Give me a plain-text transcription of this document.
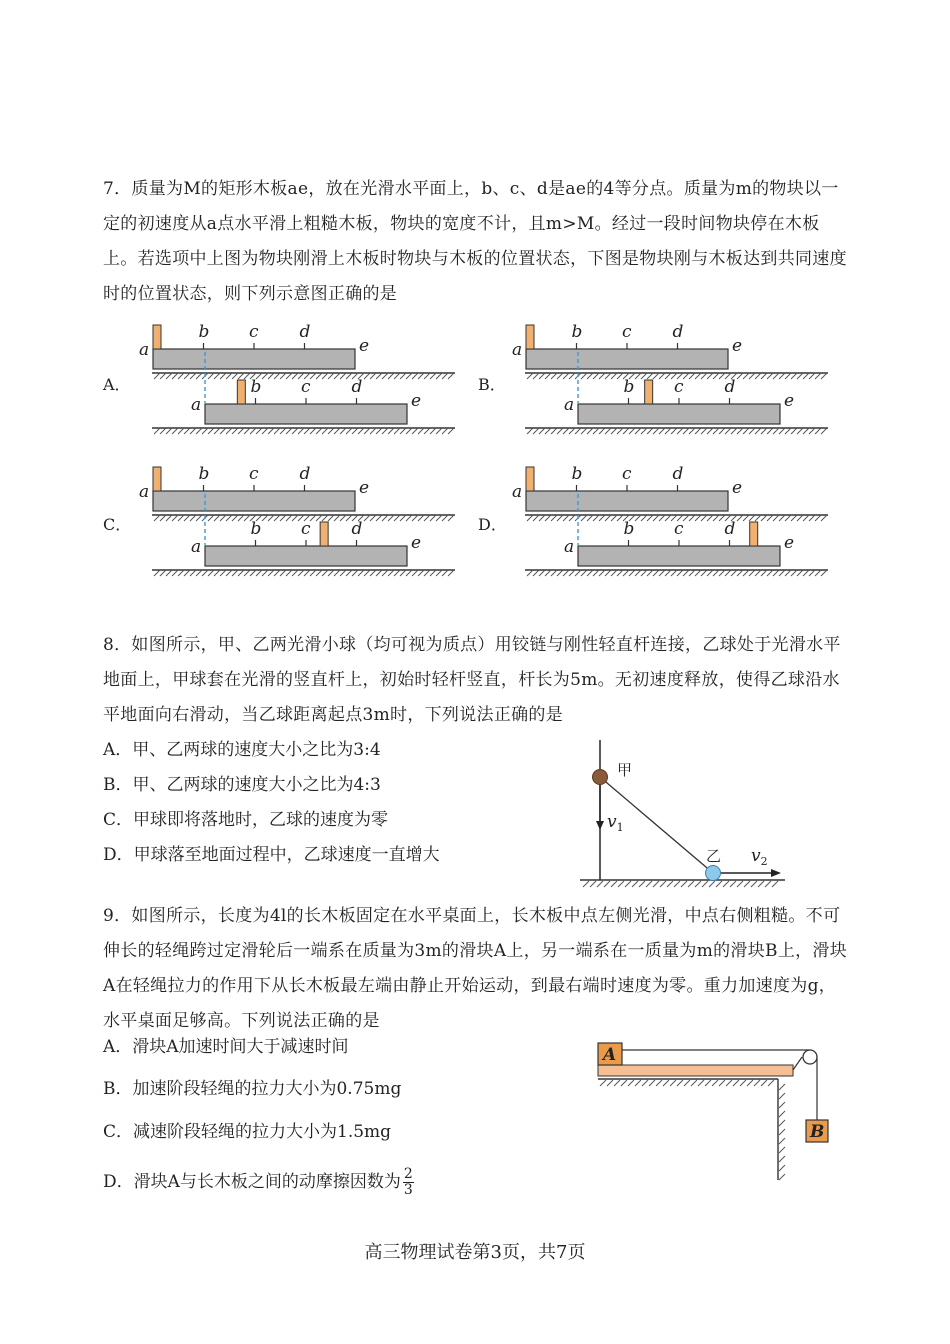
7．质量为M的矩形木板ae，放在光滑水平面上，b、c、d是ae的4等分点。质量为m的物块以一定的初速度从a点水平滑上粗糙木板，物块的宽度不计，且m>M。经过一段时间物块停在木板上。若选项中上图为物块刚滑上木板时物块与木板的位置状态，下图是物块刚与木板达到共同速度时的位置状态，则下列示意图正确的是
A．	B．
C．	D．
a	e
b c d
a	e
b c d
a	e
b c d
a	e
b c d
a	e
b c d
a	e
b c d
a	e
b c d
a	e
b c d
8．如图所示，甲、乙两光滑小球（均可视为质点）用铰链与刚性轻直杆连接，乙球处于光滑水平地面上，甲球套在光滑的竖直杆上，初始时轻杆竖直，杆长为5m。无初速度释放，使得乙球沿水平地面向右滑动，当乙球距离起点3m时，下列说法正确的是
A．甲、乙两球的速度大小之比为3:4
B．甲、乙两球的速度大小之比为4:3
C．甲球即将落地时，乙球的速度为零
D．甲球落至地面过程中，乙球速度一直增大
甲
乙
$v_1$
$v_2$
9．如图所示，长度为4l的长木板固定在水平桌面上，长木板中点左侧光滑，中点右侧粗糙。不可伸长的轻绳跨过定滑轮后一端系在质量为3m的滑块A上，另一端系在一质量为m的滑块B上，滑块A在轻绳拉力的作用下从长木板最左端由静止开始运动，到最右端时速度为零。重力加速度为g，水平桌面足够高。下列说法正确的是
A．滑块A加速时间大于减速时间
B．加速阶段轻绳的拉力大小为0.75mg
C．减速阶段轻绳的拉力大小为1.5mg
D．滑块A与长木板之间的动摩擦因数为 $\frac{2}{3}$
A
B
高三物理试卷第3页，共7页
